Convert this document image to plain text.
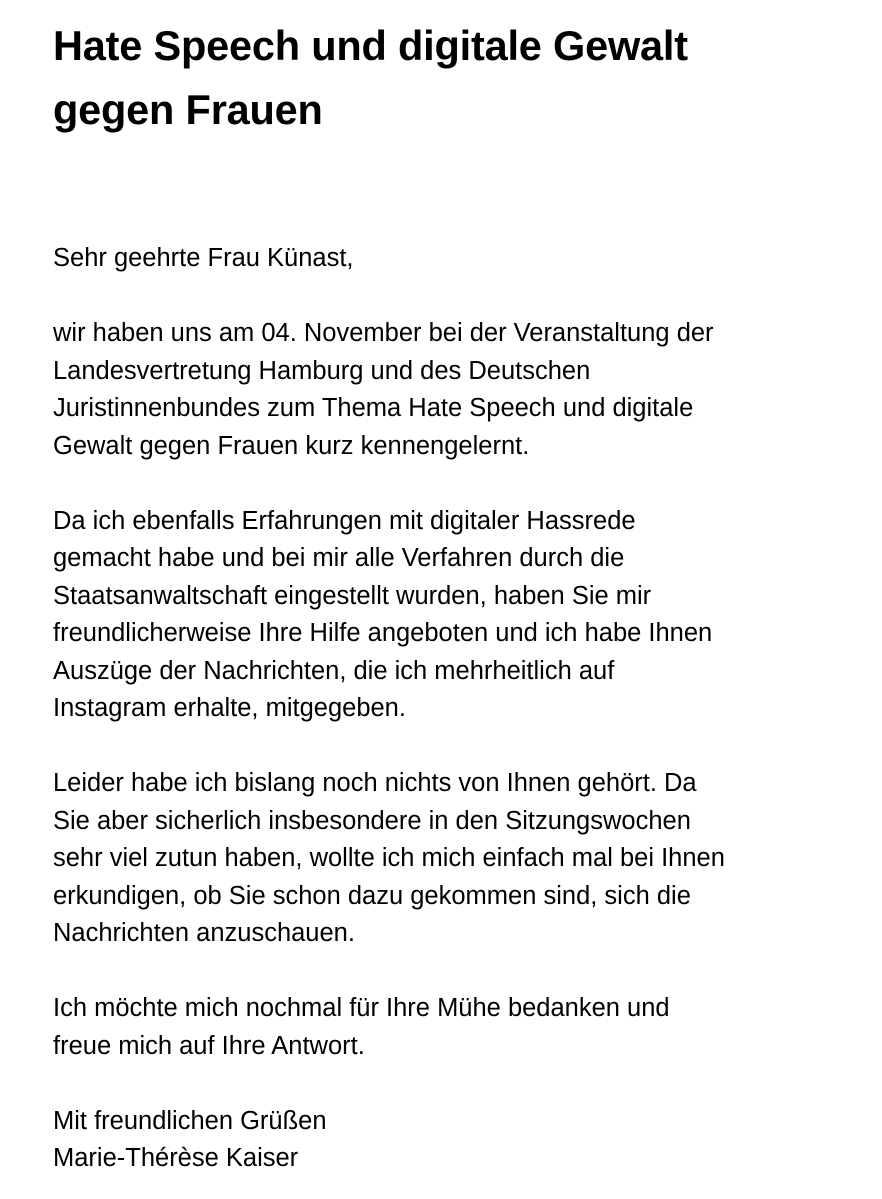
Hate Speech und digitale Gewalt
gegen Frauen

Sehr geehrte Frau Künast,

wir haben uns am 04. November bei der Veranstaltung der
Landesvertretung Hamburg und des Deutschen
Juristinnenbundes zum Thema Hate Speech und digitale
Gewalt gegen Frauen kurz kennengelernt.

Da ich ebenfalls Erfahrungen mit digitaler Hassrede
gemacht habe und bei mir alle Verfahren durch die
Staatsanwaltschaft eingestellt wurden, haben Sie mir
freundlicherweise Ihre Hilfe angeboten und ich habe Ihnen
Auszüge der Nachrichten, die ich mehrheitlich auf
Instagram erhalte, mitgegeben.

Leider habe ich bislang noch nichts von Ihnen gehört. Da
Sie aber sicherlich insbesondere in den Sitzungswochen
sehr viel zutun haben, wollte ich mich einfach mal bei Ihnen
erkundigen, ob Sie schon dazu gekommen sind, sich die
Nachrichten anzuschauen.

Ich möchte mich nochmal für Ihre Mühe bedanken und
freue mich auf Ihre Antwort.

Mit freundlichen Grüßen
Marie-Thérèse Kaiser
